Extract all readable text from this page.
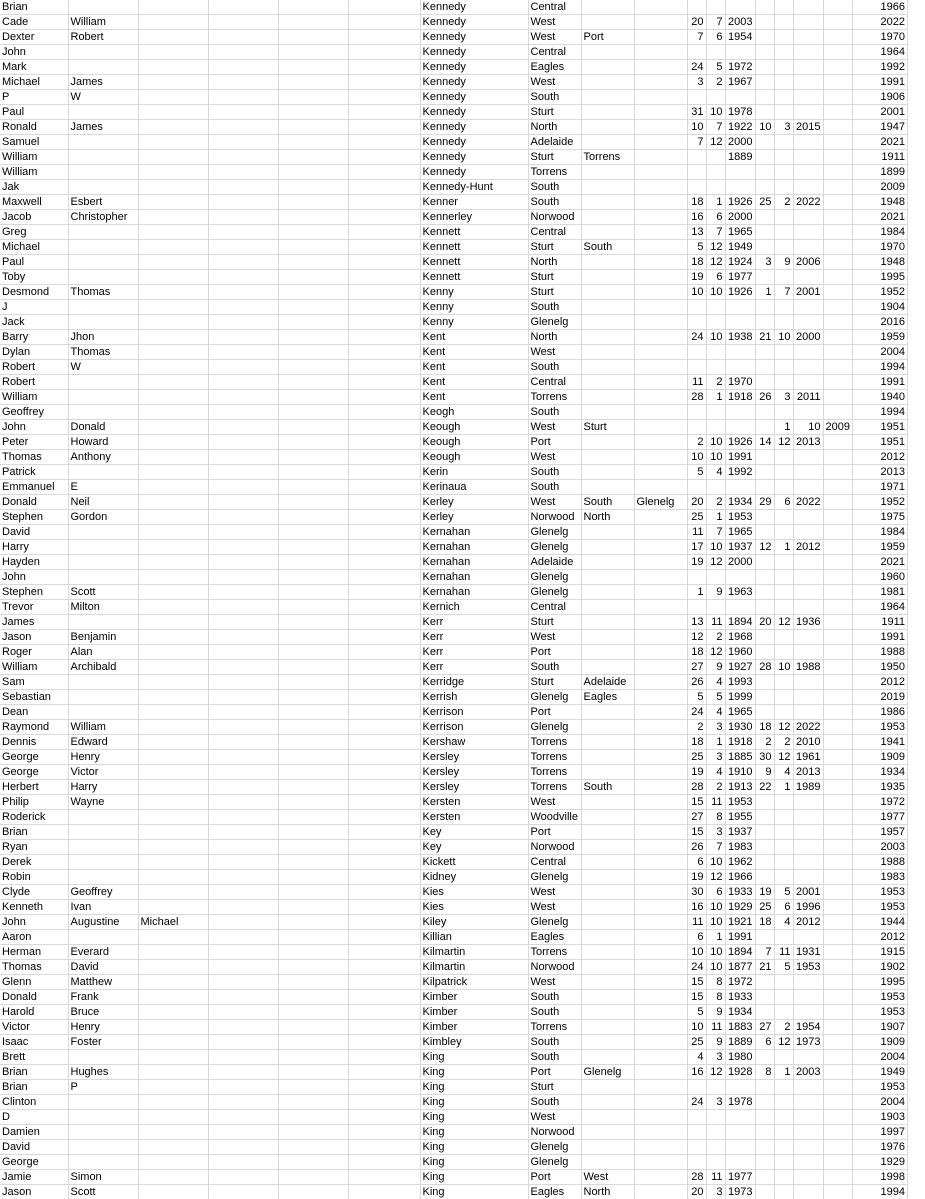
Brian						Kennedy	Central										1966
Cade	William					Kennedy	West			20	7	2003					2022
Dexter	Robert					Kennedy	West	Port		7	6	1954					1970
John						Kennedy	Central										1964
Mark						Kennedy	Eagles			24	5	1972					1992
Michael	James					Kennedy	West			3	2	1967					1991
P	W					Kennedy	South										1906
Paul						Kennedy	Sturt			31	10	1978					2001
Ronald	James					Kennedy	North			10	7	1922	10	3	2015		1947
Samuel						Kennedy	Adelaide			7	12	2000					2021
William						Kennedy	Sturt	Torrens				1889					1911
William						Kennedy	Torrens										1899
Jak						Kennedy-Hunt	South										2009
Maxwell	Esbert					Kenner	South			18	1	1926	25	2	2022		1948
Jacob	Christopher					Kennerley	Norwood			16	6	2000					2021
Greg						Kennett	Central			13	7	1965					1984
Michael						Kennett	Sturt	South		5	12	1949					1970
Paul						Kennett	North			18	12	1924	3	9	2006		1948
Toby						Kennett	Sturt			19	6	1977					1995
Desmond	Thomas					Kenny	Sturt			10	10	1926	1	7	2001		1952
J						Kenny	South										1904
Jack						Kenny	Glenelg										2016
Barry	Jhon					Kent	North			24	10	1938	21	10	2000		1959
Dylan	Thomas					Kent	West										2004
Robert	W					Kent	South										1994
Robert						Kent	Central			11	2	1970					1991
William						Kent	Torrens			28	1	1918	26	3	2011		1940
Geoffrey						Keogh	South										1994
John	Donald					Keough	West	Sturt						1	10	2009	1951
Peter	Howard					Keough	Port			2	10	1926	14	12	2013		1951
Thomas	Anthony					Keough	West			10	10	1991					2012
Patrick						Kerin	South			5	4	1992					2013
Emmanuel	E					Kerinaua	South										1971
Donald	Neil					Kerley	West	South	Glenelg	20	2	1934	29	6	2022		1952
Stephen	Gordon					Kerley	Norwood	North		25	1	1953					1975
David						Kernahan	Glenelg			11	7	1965					1984
Harry						Kernahan	Glenelg			17	10	1937	12	1	2012		1959
Hayden						Kernahan	Adelaide			19	12	2000					2021
John						Kernahan	Glenelg										1960
Stephen	Scott					Kernahan	Glenelg			1	9	1963					1981
Trevor	Milton					Kernich	Central										1964
James						Kerr	Sturt			13	11	1894	20	12	1936		1911
Jason	Benjamin					Kerr	West			12	2	1968					1991
Roger	Alan					Kerr	Port			18	12	1960					1988
William	Archibald					Kerr	South			27	9	1927	28	10	1988		1950
Sam						Kerridge	Sturt	Adelaide		26	4	1993					2012
Sebastian						Kerrish	Glenelg	Eagles		5	5	1999					2019
Dean						Kerrison	Port			24	4	1965					1986
Raymond	William					Kerrison	Glenelg			2	3	1930	18	12	2022		1953
Dennis	Edward					Kershaw	Torrens			18	1	1918	2	2	2010		1941
George	Henry					Kersley	Torrens			25	3	1885	30	12	1961		1909
George	Victor					Kersley	Torrens			19	4	1910	9	4	2013		1934
Herbert	Harry					Kersley	Torrens	South		28	2	1913	22	1	1989		1935
Philip	Wayne					Kersten	West			15	11	1953					1972
Roderick						Kersten	Woodville			27	8	1955					1977
Brian						Key	Port			15	3	1937					1957
Ryan						Key	Norwood			26	7	1983					2003
Derek						Kickett	Central			6	10	1962					1988
Robin						Kidney	Glenelg			19	12	1966					1983
Clyde	Geoffrey					Kies	West			30	6	1933	19	5	2001		1953
Kenneth	Ivan					Kies	West			16	10	1929	25	6	1996		1953
John	Augustine	Michael				Kiley	Glenelg			11	10	1921	18	4	2012		1944
Aaron						Killian	Eagles			6	1	1991					2012
Herman	Everard					Kilmartin	Torrens			10	10	1894	7	11	1931		1915
Thomas	David					Kilmartin	Norwood			24	10	1877	21	5	1953		1902
Glenn	Matthew					Kilpatrick	West			15	8	1972					1995
Donald	Frank					Kimber	South			15	8	1933					1953
Harold	Bruce					Kimber	South			5	9	1934					1953
Victor	Henry					Kimber	Torrens			10	11	1883	27	2	1954		1907
Isaac	Foster					Kimbley	South			25	9	1889	6	12	1973		1909
Brett						King	South			4	3	1980					2004
Brian	Hughes					King	Port	Glenelg		16	12	1928	8	1	2003		1949
Brian	P					King	Sturt										1953
Clinton						King	South			24	3	1978					2004
D						King	West										1903
Damien						King	Norwood										1997
David						King	Glenelg										1976
George						King	Glenelg										1929
Jamie	Simon					King	Port	West		28	11	1977					1998
Jason	Scott					King	Eagles	North		20	3	1973					1994
